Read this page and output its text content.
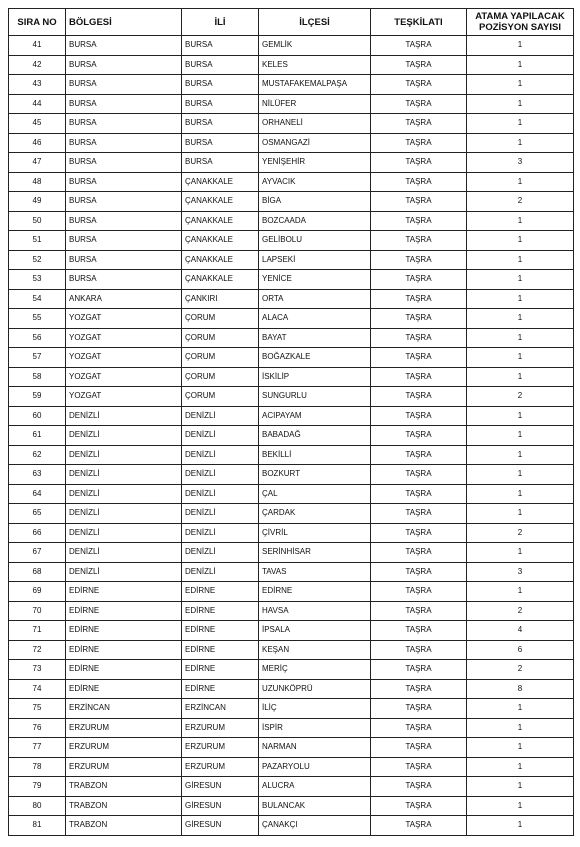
SIRA NO	BÖLGESİ	İLİ	İLÇESİ	TEŞKİLATI	ATAMA YAPILACAK POZİSYON SAYISI
41	BURSA	BURSA	GEMLİK	TAŞRA	1
42	BURSA	BURSA	KELES	TAŞRA	1
43	BURSA	BURSA	MUSTAFAKEMALPAŞA	TAŞRA	1
44	BURSA	BURSA	NİLÜFER	TAŞRA	1
45	BURSA	BURSA	ORHANELİ	TAŞRA	1
46	BURSA	BURSA	OSMANGAZİ	TAŞRA	1
47	BURSA	BURSA	YENİŞEHİR	TAŞRA	3
48	BURSA	ÇANAKKALE	AYVACIK	TAŞRA	1
49	BURSA	ÇANAKKALE	BİGA	TAŞRA	2
50	BURSA	ÇANAKKALE	BOZCAADA	TAŞRA	1
51	BURSA	ÇANAKKALE	GELİBOLU	TAŞRA	1
52	BURSA	ÇANAKKALE	LAPSEKİ	TAŞRA	1
53	BURSA	ÇANAKKALE	YENİCE	TAŞRA	1
54	ANKARA	ÇANKIRI	ORTA	TAŞRA	1
55	YOZGAT	ÇORUM	ALACA	TAŞRA	1
56	YOZGAT	ÇORUM	BAYAT	TAŞRA	1
57	YOZGAT	ÇORUM	BOĞAZKALE	TAŞRA	1
58	YOZGAT	ÇORUM	İSKİLİP	TAŞRA	1
59	YOZGAT	ÇORUM	SUNGURLU	TAŞRA	2
60	DENİZLİ	DENİZLİ	ACIPAYAM	TAŞRA	1
61	DENİZLİ	DENİZLİ	BABADAĞ	TAŞRA	1
62	DENİZLİ	DENİZLİ	BEKİLLİ	TAŞRA	1
63	DENİZLİ	DENİZLİ	BOZKURT	TAŞRA	1
64	DENİZLİ	DENİZLİ	ÇAL	TAŞRA	1
65	DENİZLİ	DENİZLİ	ÇARDAK	TAŞRA	1
66	DENİZLİ	DENİZLİ	ÇİVRİL	TAŞRA	2
67	DENİZLİ	DENİZLİ	SERİNHİSAR	TAŞRA	1
68	DENİZLİ	DENİZLİ	TAVAS	TAŞRA	3
69	EDİRNE	EDİRNE	EDİRNE	TAŞRA	1
70	EDİRNE	EDİRNE	HAVSA	TAŞRA	2
71	EDİRNE	EDİRNE	İPSALA	TAŞRA	4
72	EDİRNE	EDİRNE	KEŞAN	TAŞRA	6
73	EDİRNE	EDİRNE	MERİÇ	TAŞRA	2
74	EDİRNE	EDİRNE	UZUNKÖPRÜ	TAŞRA	8
75	ERZİNCAN	ERZİNCAN	İLİÇ	TAŞRA	1
76	ERZURUM	ERZURUM	İSPİR	TAŞRA	1
77	ERZURUM	ERZURUM	NARMAN	TAŞRA	1
78	ERZURUM	ERZURUM	PAZARYOLU	TAŞRA	1
79	TRABZON	GİRESUN	ALUCRA	TAŞRA	1
80	TRABZON	GİRESUN	BULANCAK	TAŞRA	1
81	TRABZON	GİRESUN	ÇANAKÇI	TAŞRA	1
